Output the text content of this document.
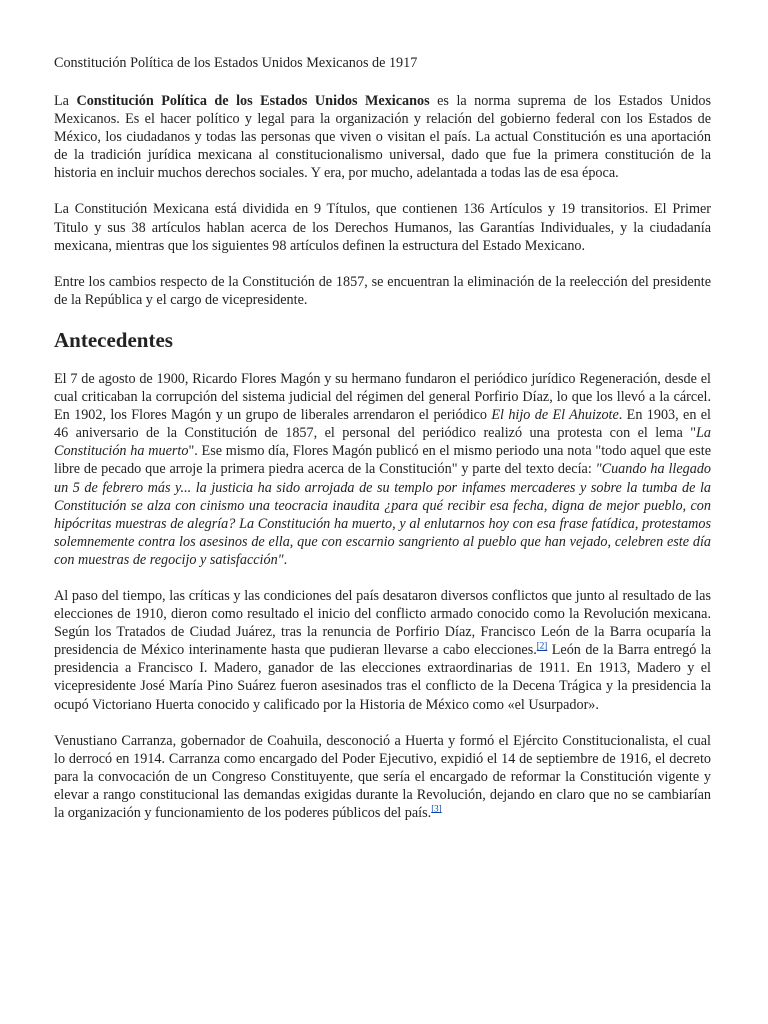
Constitución Política de los Estados Unidos Mexicanos de 1917

La Constitución Política de los Estados Unidos Mexicanos es la norma suprema de los Estados Unidos Mexicanos. Es el hacer político y legal para la organización y relación del gobierno federal con los Estados de México, los ciudadanos y todas las personas que viven o visitan el país. La actual Constitución es una aportación de la tradición jurídica mexicana al constitucionalismo universal, dado que fue la primera constitución de la historia en incluir muchos derechos sociales. Y era, por mucho, adelantada a todas las de esa época.

La Constitución Mexicana está dividida en 9 Títulos, que contienen 136 Artículos y 19 transitorios. El Primer Titulo y sus 38 artículos hablan acerca de los Derechos Humanos, las Garantías Individuales, y la ciudadanía mexicana, mientras que los siguientes 98 artículos definen la estructura del Estado Mexicano.

Entre los cambios respecto de la Constitución de 1857, se encuentran la eliminación de la reelección del presidente de la República y el cargo de vicepresidente.

Antecedentes

El 7 de agosto de 1900, Ricardo Flores Magón y su hermano fundaron el periódico jurídico Regeneración, desde el cual criticaban la corrupción del sistema judicial del régimen del general Porfirio Díaz, lo que los llevó a la cárcel. En 1902, los Flores Magón y un grupo de liberales arrendaron el periódico El hijo de El Ahuizote. En 1903, en el 46 aniversario de la Constitución de 1857, el personal del periódico realizó una protesta con el lema "La Constitución ha muerto". Ese mismo día, Flores Magón publicó en el mismo periodo una nota "todo aquel que este libre de pecado que arroje la primera piedra acerca de la Constitución" y parte del texto decía: "Cuando ha llegado un 5 de febrero más y... la justicia ha sido arrojada de su templo por infames mercaderes y sobre la tumba de la Constitución se alza con cinismo una teocracia inaudita ¿para qué recibir esa fecha, digna de mejor pueblo, con hipócritas muestras de alegría? La Constitución ha muerto, y al enlutarnos hoy con esa frase fatídica, protestamos solemnemente contra los asesinos de ella, que con escarnio sangriento al pueblo que han vejado, celebren este día con muestras de regocijo y satisfacción".

Al paso del tiempo, las críticas y las condiciones del país desataron diversos conflictos que junto al resultado de las elecciones de 1910, dieron como resultado el inicio del conflicto armado conocido como la Revolución mexicana. Según los Tratados de Ciudad Juárez, tras la renuncia de Porfirio Díaz, Francisco León de la Barra ocuparía la presidencia de México interinamente hasta que pudieran llevarse a cabo elecciones.[2] León de la Barra entregó la presidencia a Francisco I. Madero, ganador de las elecciones extraordinarias de 1911. En 1913, Madero y el vicepresidente José María Pino Suárez fueron asesinados tras el conflicto de la Decena Trágica y la presidencia la ocupó Victoriano Huerta conocido y calificado por la Historia de México como «el Usurpador».

Venustiano Carranza, gobernador de Coahuila, desconoció a Huerta y formó el Ejército Constitucionalista, el cual lo derrocó en 1914. Carranza como encargado del Poder Ejecutivo, expidió el 14 de septiembre de 1916, el decreto para la convocación de un Congreso Constituyente, que sería el encargado de reformar la Constitución vigente y elevar a rango constitucional las demandas exigidas durante la Revolución, dejando en claro que no se cambiarían la organización y funcionamiento de los poderes públicos del país.[3]
